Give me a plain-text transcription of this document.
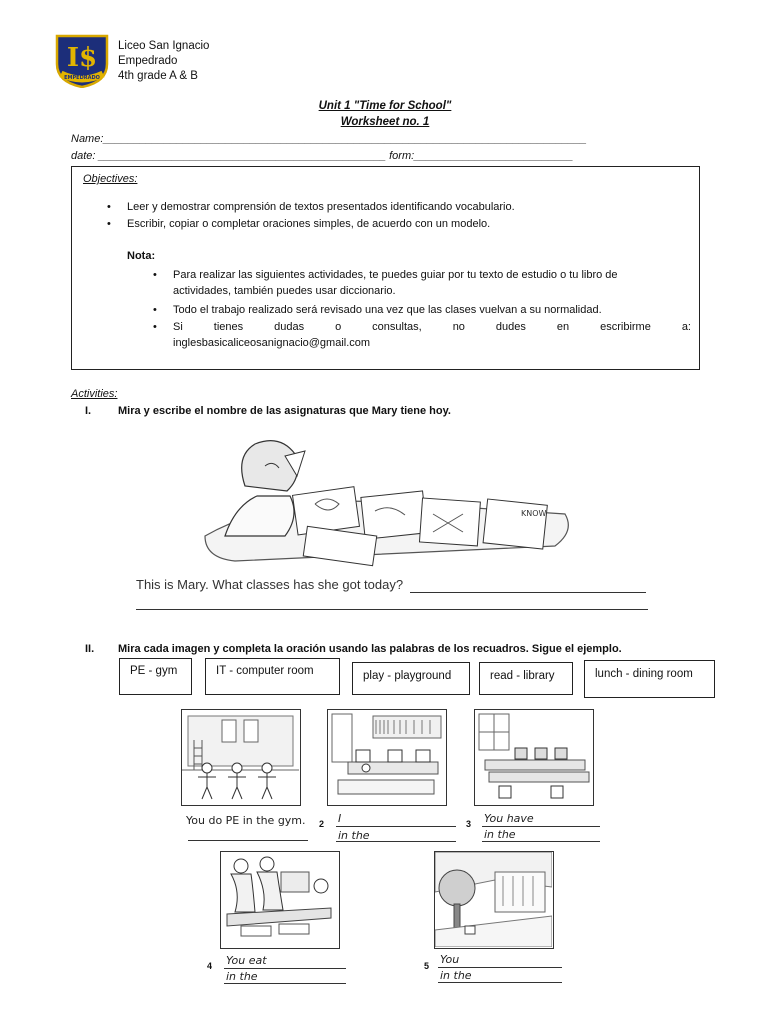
I$
EMPEDRADO
Liceo San Ignacio
Empedrado
4th grade A & B
Unit 1 "Time for School"
Worksheet no. 1
Name:_______________________________________________________________________________
date: _______________________________________________ form:__________________________
Objectives:
• Leer y demostrar comprensión de textos presentados identificando vocabulario.
• Escribir, copiar o completar oraciones simples, de acuerdo con un modelo.
Nota:
• Para realizar las siguientes actividades, te puedes guiar por tu texto de estudio o tu libro de
actividades, también puedes usar diccionario.
• Todo el trabajo realizado será revisado una vez que las clases vuelvan a su normalidad.
• Si tienes dudas o consultas, no dudes en escribirme a:
inglesbasicaliceosanignacio@gmail.com
Activities:
I. Mira y escribe el nombre de las asignaturas que Mary tiene hoy.
KNOW
This is Mary. What classes has she got today?
II. Mira cada imagen y completa la oración usando las palabras de los recuadros. Sigue el ejemplo.
PE - gym	IT - computer room	play - playground	read - library	lunch - dining room
You do PE in the gym. 2 I
in the
3 You have
in the
4 You eat
in the
5 You
in the
